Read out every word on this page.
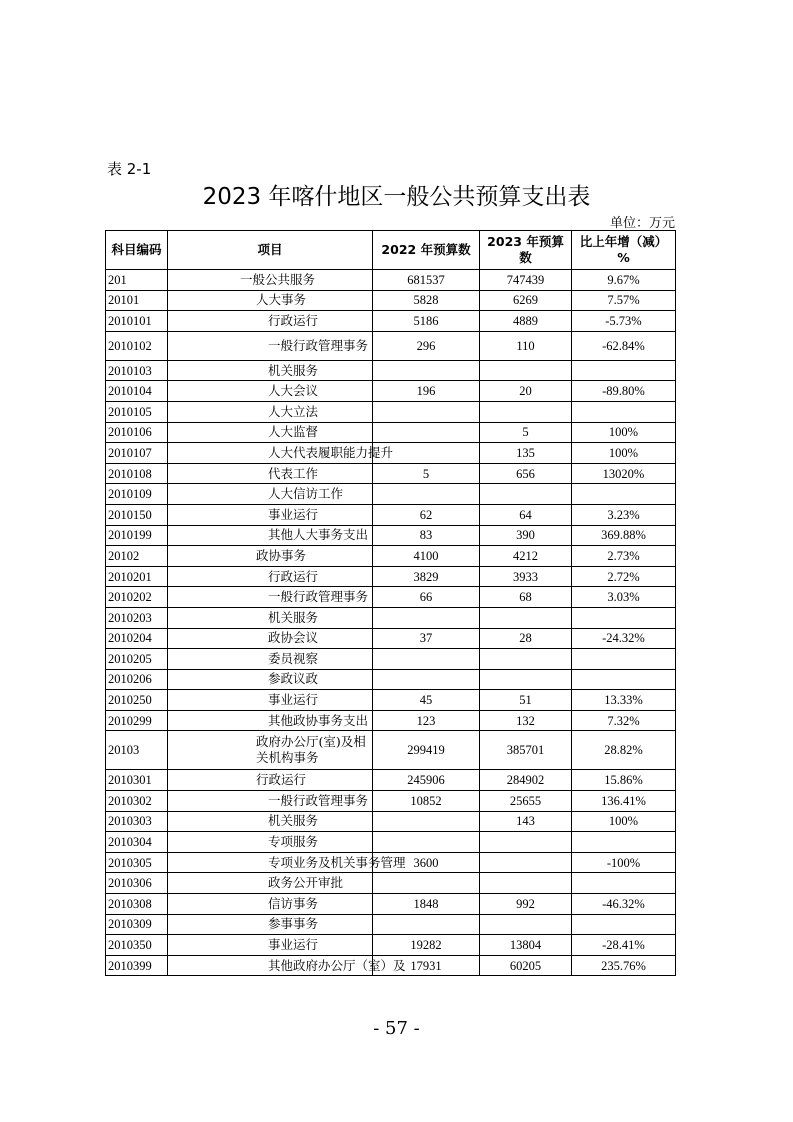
表 2-1
2023 年喀什地区一般公共预算支出表
单位：万元
科目编码	项目	2022 年预算数	2023 年预算数	比上年增（减）%
201	一般公共服务	681537	747439	9.67%
20101	人大事务	5828	6269	7.57%
2010101	行政运行	5186	4889	-5.73%
2010102	一般行政管理事务	296	110	-62.84%
2010103	机关服务			
2010104	人大会议	196	20	-89.80%
2010105	人大立法			
2010106	人大监督		5	100%
2010107	人大代表履职能力提升		135	100%
2010108	代表工作	5	656	13020%
2010109	人大信访工作			
2010150	事业运行	62	64	3.23%
2010199	其他人大事务支出	83	390	369.88%
20102	政协事务	4100	4212	2.73%
2010201	行政运行	3829	3933	2.72%
2010202	一般行政管理事务	66	68	3.03%
2010203	机关服务			
2010204	政协会议	37	28	-24.32%
2010205	委员视察			
2010206	参政议政			
2010250	事业运行	45	51	13.33%
2010299	其他政协事务支出	123	132	7.32%
20103	政府办公厅(室)及相关机构事务	299419	385701	28.82%
2010301	行政运行	245906	284902	15.86%
2010302	一般行政管理事务	10852	25655	136.41%
2010303	机关服务		143	100%
2010304	专项服务			
2010305	专项业务及机关事务管理	3600		-100%
2010306	政务公开审批			
2010308	信访事务	1848	992	-46.32%
2010309	参事事务			
2010350	事业运行	19282	13804	-28.41%
2010399	其他政府办公厅（室）及	17931	60205	235.76%
- 57 -
